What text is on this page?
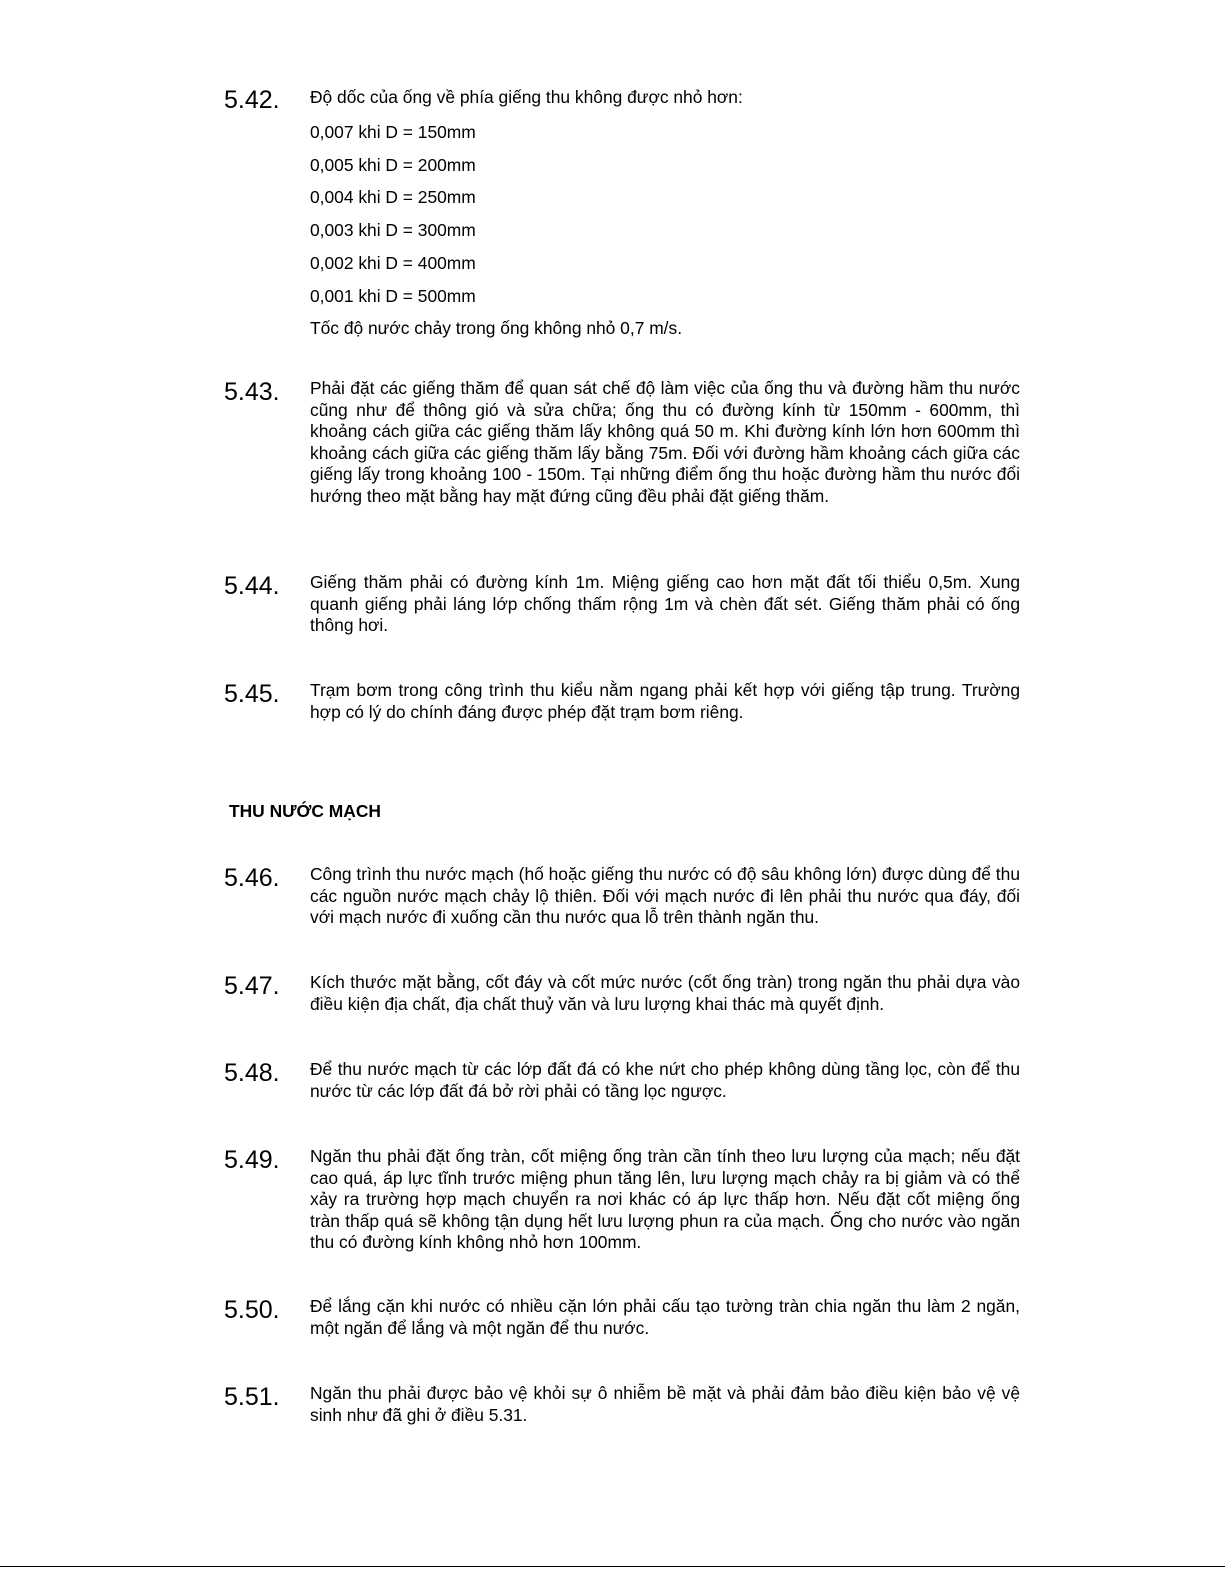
5.42. Độ dốc của ống về phía giếng thu không được nhỏ hơn:

0,007 khi D = 150mm

0,005 khi D = 200mm

0,004 khi D = 250mm

0,003 khi D = 300mm

0,002 khi D = 400mm

0,001 khi D = 500mm

Tốc độ nước chảy trong ống không nhỏ 0,7 m/s.

5.43. Phải đặt các giếng thăm để quan sát chế độ làm việc của ống thu và đường hầm thu nước cũng như để thông gió và sửa chữa; ống thu có đường kính từ 150mm - 600mm, thì khoảng cách giữa các giếng thăm lấy không quá 50 m. Khi đường kính lớn hơn 600mm thì khoảng cách giữa các giếng thăm lấy bằng 75m. Đối với đường hầm khoảng cách giữa các giếng lấy trong khoảng 100 - 150m. Tại những điểm ống thu hoặc đường hầm thu nước đổi hướng theo mặt bằng hay mặt đứng cũng đều phải đặt giếng thăm.

5.44. Giếng thăm phải có đường kính 1m. Miệng giếng cao hơn mặt đất tối thiểu 0,5m. Xung quanh giếng phải láng lớp chống thấm rộng 1m và chèn đất sét. Giếng thăm phải có ống thông hơi.

5.45. Trạm bơm trong công trình thu kiểu nằm ngang phải kết hợp với giếng tập trung. Trường hợp có lý do chính đáng được phép đặt trạm bơm riêng.

THU NƯỚC MẠCH
5.46. Công trình thu nước mạch (hố hoặc giếng thu nước có độ sâu không lớn) được dùng để thu các nguồn nước mạch chảy lộ thiên. Đối với mạch nước đi lên phải thu nước qua đáy, đối với mạch nước đi xuống cần thu nước qua lỗ trên thành ngăn thu.

5.47. Kích thước mặt bằng, cốt đáy và cốt mức nước (cốt ống tràn) trong ngăn thu phải dựa vào điều kiện địa chất, địa chất thuỷ văn và lưu lượng khai thác mà quyết định.

5.48. Để thu nước mạch từ các lớp đất đá có khe nứt cho phép không dùng tầng lọc, còn để thu nước từ các lớp đất đá bở rời phải có tầng lọc ngược.

5.49. Ngăn thu phải đặt ống tràn, cốt miệng ống tràn cần tính theo lưu lượng của mạch; nếu đặt cao quá, áp lực tĩnh trước miệng phun tăng lên, lưu lượng mạch chảy ra bị giảm và có thể xảy ra trường hợp mạch chuyển ra nơi khác có áp lực thấp hơn. Nếu đặt cốt miệng ống tràn thấp quá sẽ không tận dụng hết lưu lượng phun ra của mạch. Ống cho nước vào ngăn thu có đường kính không nhỏ hơn 100mm.

5.50. Để lắng cặn khi nước có nhiều cặn lớn phải cấu tạo tường tràn chia ngăn thu làm 2 ngăn, một ngăn để lắng và một ngăn để thu nước.

5.51. Ngăn thu phải được bảo vệ khỏi sự ô nhiễm bề mặt và phải đảm bảo điều kiện bảo vệ vệ sinh như đã ghi ở điều 5.31.
